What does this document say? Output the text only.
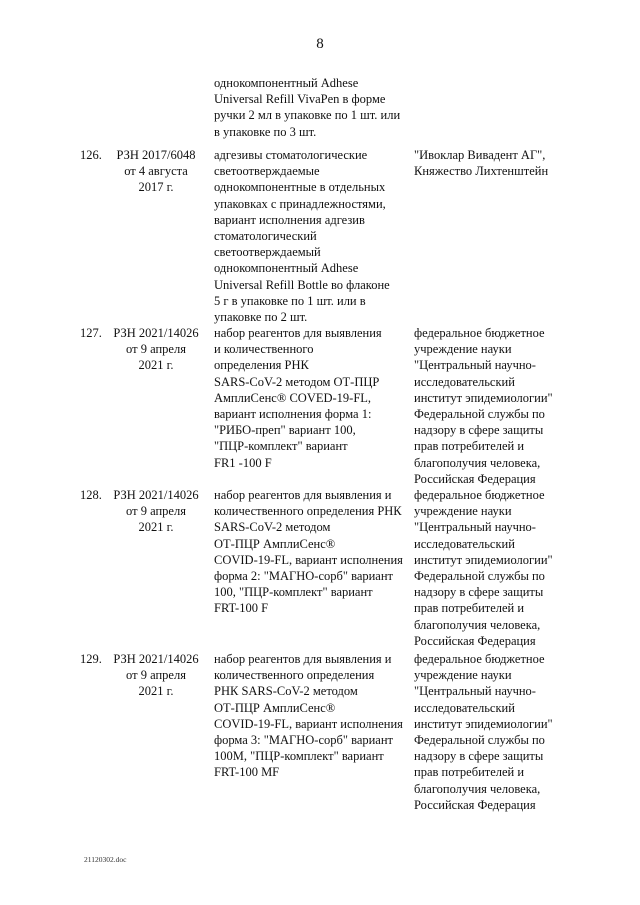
8
однокомпонентный Adhese
Universal Refill VivaPen в форме
ручки 2 мл в упаковке по 1 шт. или
в упаковке по 3 шт.
126.	РЗН 2017/6048
от 4 августа
2017 г.
адгезивы стоматологические
светоотверждаемые
однокомпонентные в отдельных
упаковках с принадлежностями,
вариант исполнения адгезив
стоматологический
светоотверждаемый
однокомпонентный Adhese
Universal Refill Bottle во флаконе
5 г в упаковке по 1 шт. или в
упаковке по 2 шт.
"Ивоклар Вивадент АГ",
Княжество Лихтенштейн
127. РЗН 2021/14026
от 9 апреля
2021 г.
набор реагентов для выявления
и количественного
определения РНК
SARS-CoV-2 методом ОТ-ПЦР
АмплиСенс® COVED-19-FL,
вариант исполнения форма 1:
"РИБО-преп" вариант 100,
"ПЦР-комплект" вариант
FR1 -100 F
федеральное бюджетное
учреждение науки
"Центральный научно-
исследовательский
институт эпидемиологии"
Федеральной службы по
надзору в сфере защиты
прав потребителей и
благополучия человека,
Российская Федерация
128. РЗН 2021/14026
от 9 апреля
2021 г.
набор реагентов для выявления и
количественного определения РНК
SARS-CoV-2 методом
ОТ-ПЦР АмплиСенс®
COVID-19-FL, вариант исполнения
форма 2: "МАГНО-сорб" вариант
100, "ПЦР-комплект" вариант
FRT-100 F
федеральное бюджетное
учреждение науки
"Центральный научно-
исследовательский
институт эпидемиологии"
Федеральной службы по
надзору в сфере защиты
прав потребителей и
благополучия человека,
Российская Федерация
129. РЗН 2021/14026
от 9 апреля
2021 г.
набор реагентов для выявления и
количественного определения
РНК SARS-CoV-2 методом
ОТ-ПЦР АмплиСенс®
COVID-19-FL, вариант исполнения
форма 3: "МАГНО-сорб" вариант
100М, "ПЦР-комплект" вариант
FRT-100 MF
федеральное бюджетное
учреждение науки
"Центральный научно-
исследовательский
институт эпидемиологии"
Федеральной службы по
надзору в сфере защиты
прав потребителей и
благополучия человека,
Российская Федерация
21120302.doc
